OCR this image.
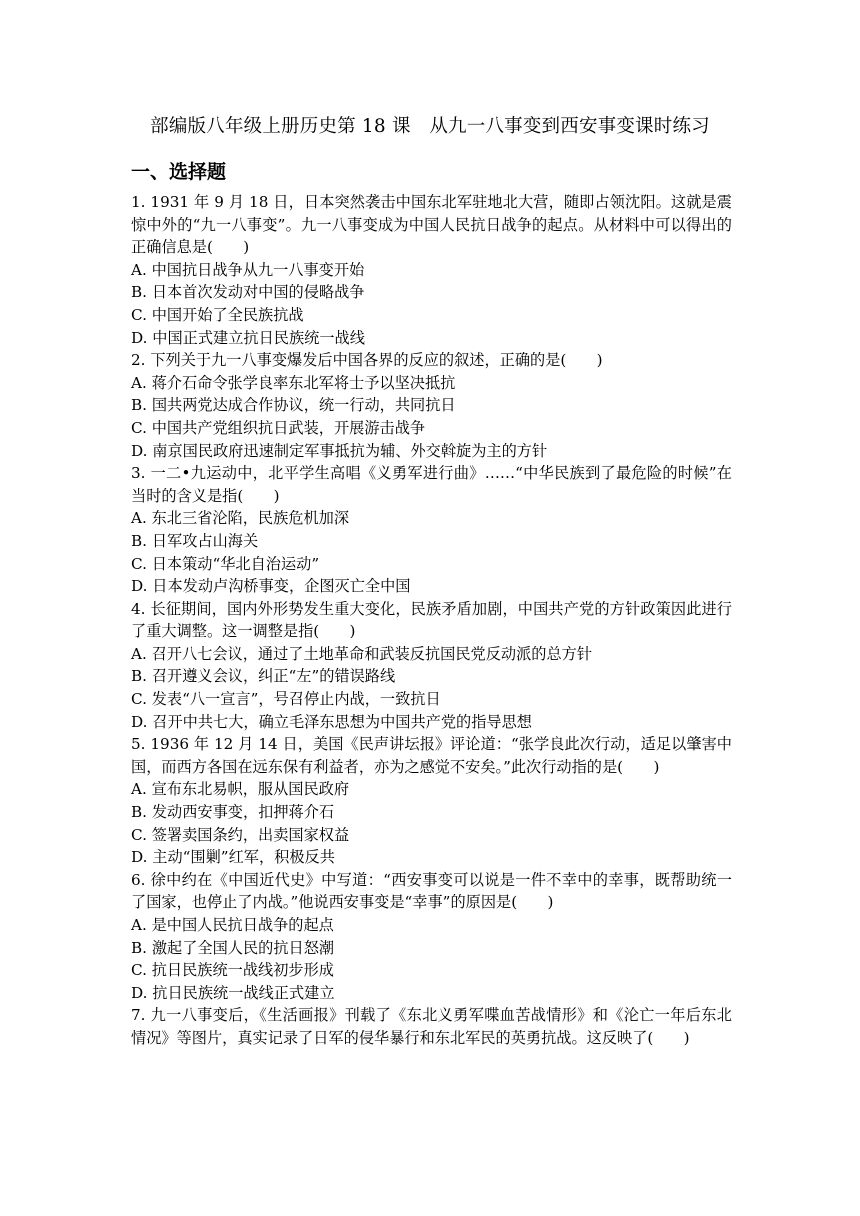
部编版八年级上册历史第 18 课　从九一八事变到西安事变课时练习
一、选择题

1. 1931 年 9 月 18 日，日本突然袭击中国东北军驻地北大营，随即占领沈阳。这就是震惊中外的“九一八事变”。九一八事变成为中国人民抗日战争的起点。从材料中可以得出的正确信息是(　　)

A. 中国抗日战争从九一八事变开始

B. 日本首次发动对中国的侵略战争

C. 中国开始了全民族抗战

D. 中国正式建立抗日民族统一战线

2. 下列关于九一八事变爆发后中国各界的反应的叙述，正确的是(　　)

A. 蒋介石命令张学良率东北军将士予以坚决抵抗

B. 国共两党达成合作协议，统一行动，共同抗日

C. 中国共产党组织抗日武装，开展游击战争

D. 南京国民政府迅速制定军事抵抗为辅、外交斡旋为主的方针

3. 一二•九运动中，北平学生高唱《义勇军进行曲》……“中华民族到了最危险的时候”在当时的含义是指(　　)

A. 东北三省沦陷，民族危机加深

B. 日军攻占山海关

C. 日本策动“华北自治运动”

D. 日本发动卢沟桥事变，企图灭亡全中国

4. 长征期间，国内外形势发生重大变化，民族矛盾加剧，中国共产党的方针政策因此进行了重大调整。这一调整是指(　　)

A. 召开八七会议，通过了土地革命和武装反抗国民党反动派的总方针

B. 召开遵义会议，纠正“左”的错误路线

C. 发表“八一宣言”，号召停止内战，一致抗日

D. 召开中共七大，确立毛泽东思想为中国共产党的指导思想

5. 1936 年 12 月 14 日，美国《民声讲坛报》评论道：“张学良此次行动，适足以肇害中国，而西方各国在远东保有利益者，亦为之感觉不安矣。”此次行动指的是(　　)

A. 宣布东北易帜，服从国民政府

B. 发动西安事变，扣押蒋介石

C. 签署卖国条约，出卖国家权益

D. 主动“围剿”红军，积极反共

6. 徐中约在《中国近代史》中写道：“西安事变可以说是一件不幸中的幸事，既帮助统一了国家，也停止了内战。”他说西安事变是“幸事”的原因是(　　)

A. 是中国人民抗日战争的起点

B. 激起了全国人民的抗日怒潮

C. 抗日民族统一战线初步形成

D. 抗日民族统一战线正式建立

7. 九一八事变后，《生活画报》刊载了《东北义勇军喋血苦战情形》和《沦亡一年后东北情况》等图片，真实记录了日军的侵华暴行和东北军民的英勇抗战。这反映了(　　)
